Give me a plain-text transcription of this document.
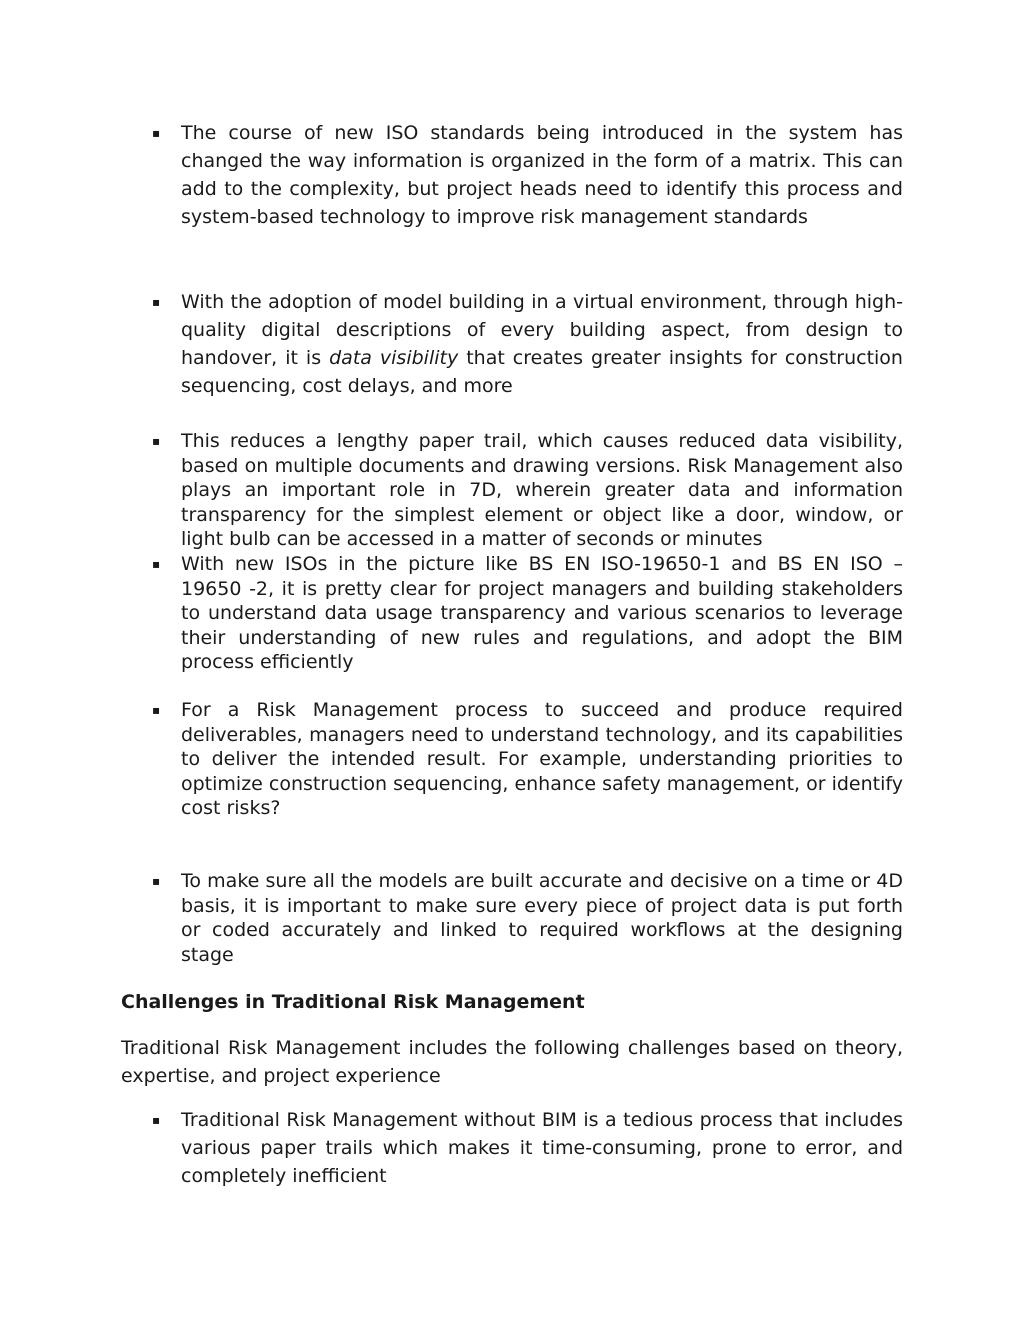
▪ The course of new ISO standards being introduced in the system has changed the way information is organized in the form of a matrix. This can add to the complexity, but project heads need to identify this process and system-based technology to improve risk management standards

▪ With the adoption of model building in a virtual environment, through high-quality digital descriptions of every building aspect, from design to handover, it is data visibility that creates greater insights for construction sequencing, cost delays, and more

▪ This reduces a lengthy paper trail, which causes reduced data visibility, based on multiple documents and drawing versions. Risk Management also plays an important role in 7D, wherein greater data and information transparency for the simplest element or object like a door, window, or light bulb can be accessed in a matter of seconds or minutes

▪ With new ISOs in the picture like BS EN ISO-19650-1 and BS EN ISO – 19650 -2, it is pretty clear for project managers and building stakeholders to understand data usage transparency and various scenarios to leverage their understanding of new rules and regulations, and adopt the BIM process efficiently

▪ For a Risk Management process to succeed and produce required deliverables, managers need to understand technology, and its capabilities to deliver the intended result. For example, understanding priorities to optimize construction sequencing, enhance safety management, or identify cost risks?

▪ To make sure all the models are built accurate and decisive on a time or 4D basis, it is important to make sure every piece of project data is put forth or coded accurately and linked to required workflows at the designing stage

Challenges in Traditional Risk Management

Traditional Risk Management includes the following challenges based on theory, expertise, and project experience

▪ Traditional Risk Management without BIM is a tedious process that includes various paper trails which makes it time-consuming, prone to error, and completely inefficient
